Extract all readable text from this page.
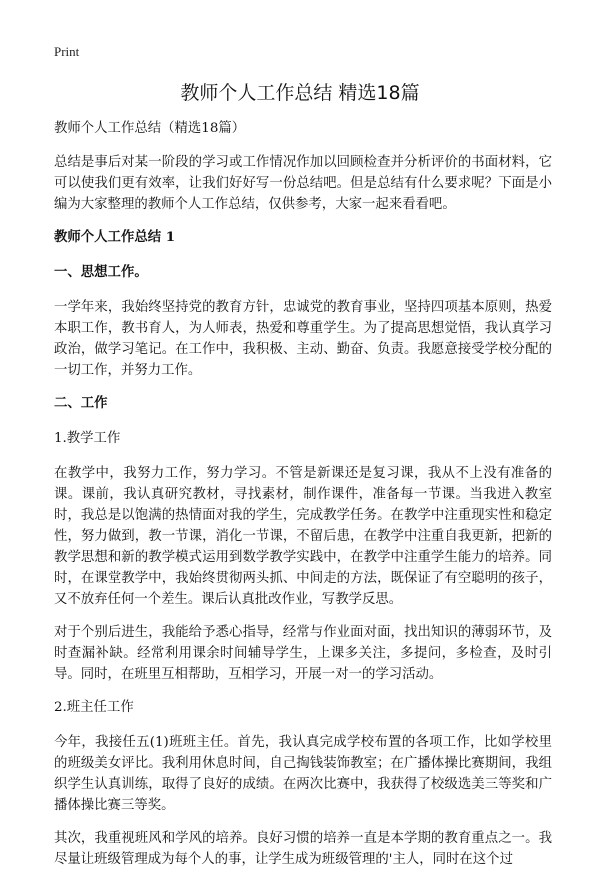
Print
教师个人工作总结 精选18篇

教师个人工作总结（精选18篇）

总结是事后对某一阶段的学习或工作情况作加以回顾检查并分析评价的书面材料，它可以使我们更有效率，让我们好好写一份总结吧。但是总结有什么要求呢？下面是小编为大家整理的教师个人工作总结，仅供参考，大家一起来看看吧。

教师个人工作总结 1

一、思想工作。

一学年来，我始终坚持党的教育方针，忠诚党的教育事业，坚持四项基本原则，热爱本职工作，教书育人，为人师表，热爱和尊重学生。为了提高思想觉悟，我认真学习政治，做学习笔记。在工作中，我积极、主动、勤奋、负责。我愿意接受学校分配的一切工作，并努力工作。

二、工作

1.教学工作

在教学中，我努力工作，努力学习。不管是新课还是复习课，我从不上没有准备的课。课前，我认真研究教材，寻找素材，制作课件，准备每一节课。当我进入教室时，我总是以饱满的热情面对我的学生，完成教学任务。在教学中注重现实性和稳定性，努力做到，教一节课，消化一节课，不留后患，在教学中注重自我更新，把新的教学思想和新的教学模式运用到数学教学实践中，在教学中注重学生能力的培养。同时，在课堂教学中，我始终贯彻两头抓、中间走的方法，既保证了有空聪明的孩子，又不放弃任何一个差生。课后认真批改作业，写教学反思。

对于个别后进生，我能给予悉心指导，经常与作业面对面，找出知识的薄弱环节，及时查漏补缺。经常利用课余时间辅导学生，上课多关注，多提问，多检查，及时引导。同时，在班里互相帮助，互相学习，开展一对一的学习活动。

2.班主任工作

今年，我接任五(1)班班主任。首先，我认真完成学校布置的各项工作，比如学校里的班级美女评比。我利用休息时间，自己掏钱装饰教室；在广播体操比赛期间，我组织学生认真训练，取得了良好的成绩。在两次比赛中，我获得了校级选美三等奖和广播体操比赛三等奖。

其次，我重视班风和学风的培养。良好习惯的培养一直是本学期的教育重点之一。我尽量让班级管理成为每个人的事，让学生成为班级管理的'主人，同时在这个过
